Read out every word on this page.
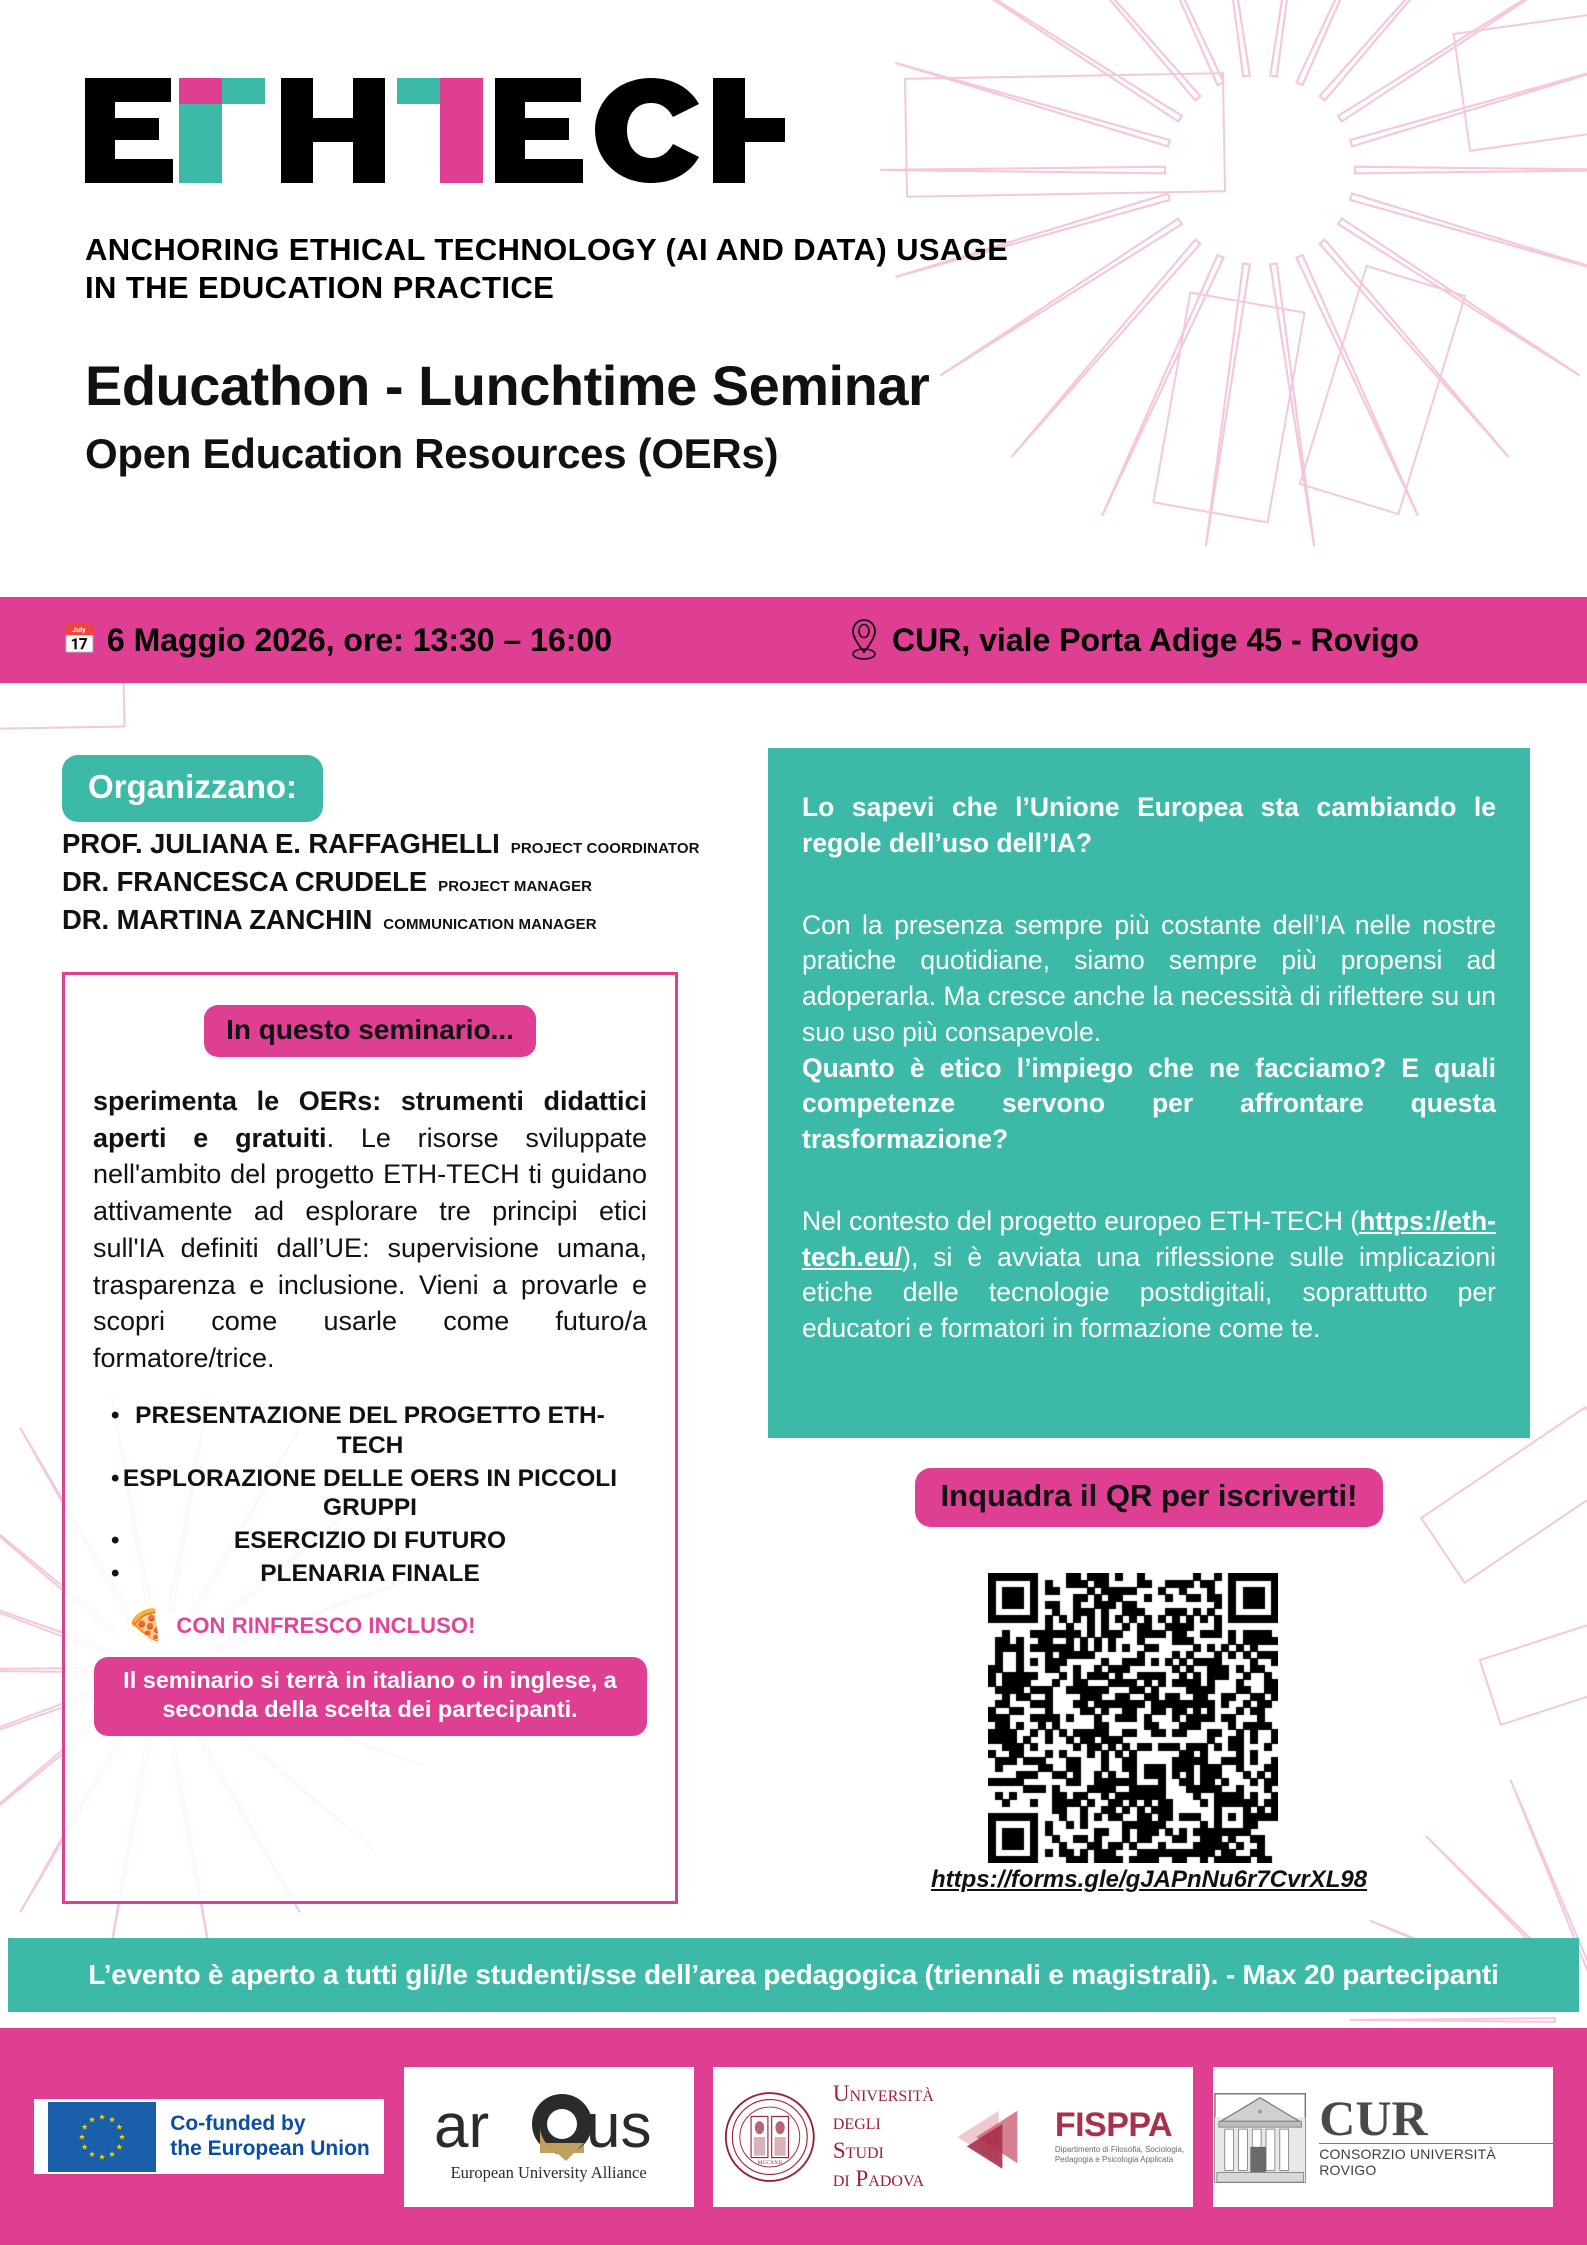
ANCHORING ETHICAL TECHNOLOGY (AI AND DATA) USAGE
IN THE EDUCATION PRACTICE
Educathon - Lunchtime Seminar
Open Education Resources (OERs)
📅 6 Maggio 2026, ore: 13:30 – 16:00	CUR, viale Porta Adige 45 - Rovigo
Organizzano:
PROF. JULIANA E. RAFFAGHELLI PROJECT COORDINATOR
DR. FRANCESCA CRUDELE PROJECT MANAGER
DR. MARTINA ZANCHIN COMMUNICATION MANAGER
In questo seminario...

sperimenta le OERs: strumenti didattici aperti e gratuiti. Le risorse sviluppate nell'ambito del progetto ETH-TECH ti guidano attivamente ad esplorare tre principi etici sull'IA definiti dall’UE: supervisione umana, trasparenza e inclusione. Vieni a provarle e scopri come usarle come futuro/a formatore/trice.

• PRESENTAZIONE DEL PROGETTO ETH-TECH
• ESPLORAZIONE DELLE OERS IN PICCOLI GRUPPI
• ESERCIZIO DI FUTURO
• PLENARIA FINALE
🍕 CON RINFRESCO INCLUSO!
Il seminario si terrà in italiano o in inglese, a seconda della scelta dei partecipanti.

Lo sapevi che l’Unione Europea sta cambiando le regole dell’uso dell’IA?

Con la presenza sempre più costante dell’IA nelle nostre pratiche quotidiane, siamo sempre più propensi ad adoperarla. Ma cresce anche la necessità di riflettere su un suo uso più consapevole.

Quanto è etico l’impiego che ne facciamo? E quali competenze servono per affrontare questa trasformazione?

Nel contesto del progetto europeo ETH-TECH (https://eth-tech.eu/), si è avviata una riflessione sulle implicazioni etiche delle tecnologie postdigitali, soprattutto per educatori e formatori in formazione come te.

Inquadra il QR per iscriverti!
https://forms.gle/gJAPnNu6r7CvrXL98
L’evento è aperto a tutti gli/le studenti/sse dell’area pedagogica (triennali e magistrali). - Max 20 partecipanti
Co-funded by
the European Union ar us
European University Alliance	MCCXXII
Università
degli Studi
di Padova
FISPPA
Dipartimento di Filosofia, Sociologia, Pedagogia e Psicologia Applicata
CUR
CONSORZIO UNIVERSITÀ ROVIGO
